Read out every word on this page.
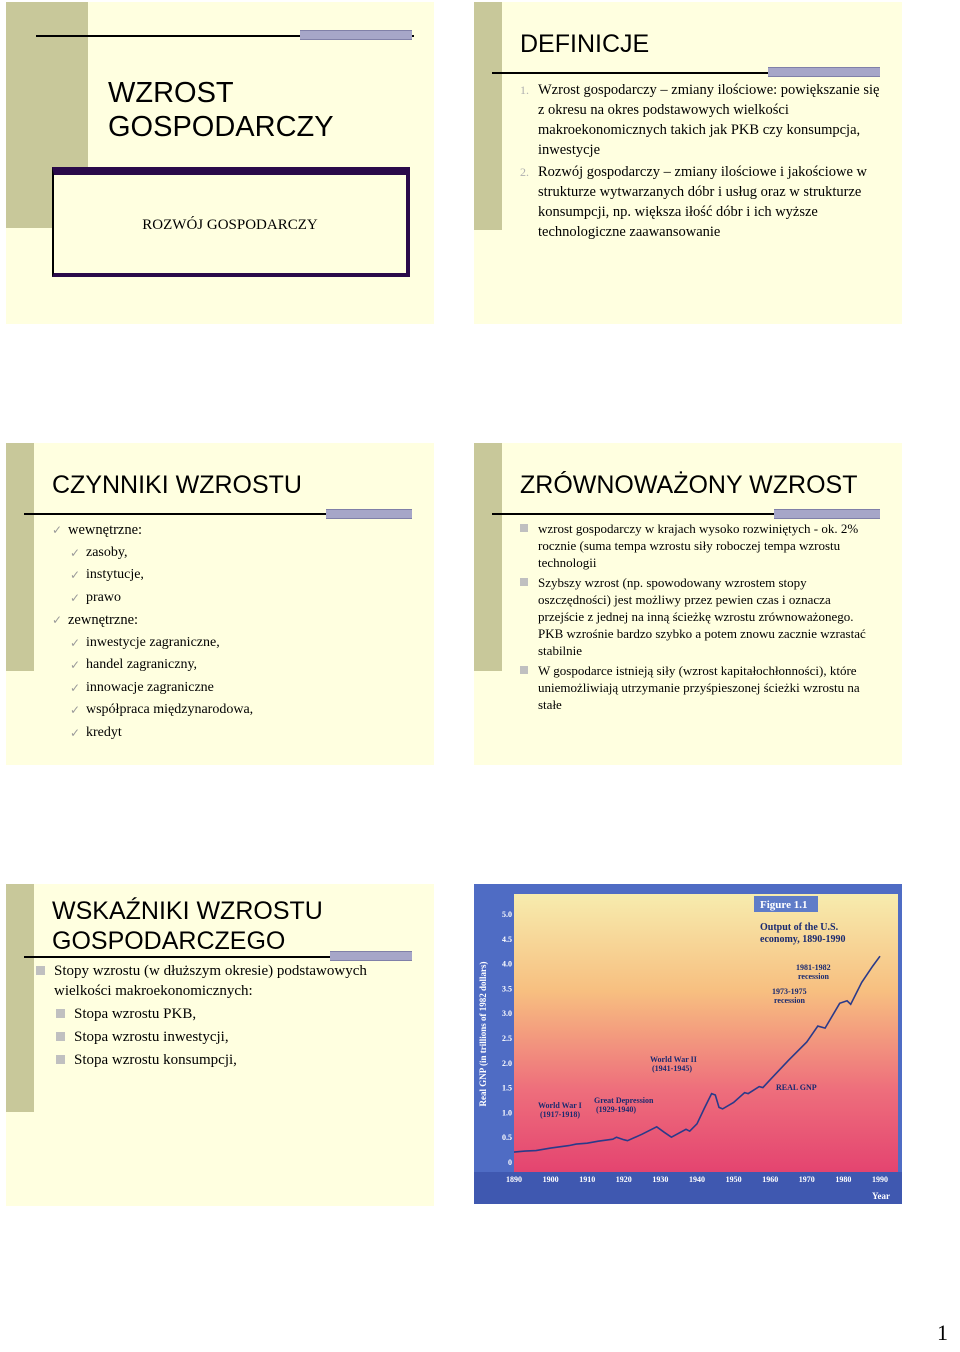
WZROST
GOSPODARCZY
ROZWÓJ GOSPODARCZY
DEFINICJE
1. Wzrost gospodarczy – zmiany ilościowe: powiększanie się z okresu na okres podstawowych wielkości makroekonomicznych takich jak PKB czy konsumpcja, inwestycje
2. Rozwój gospodarczy – zmiany ilościowe i jakościowe w strukturze wytwarzanych dóbr i usług oraz w strukturze konsumpcji, np. większa iłość dóbr i ich wyższe technologiczne zaawansowanie
CZYNNIKI WZROSTU
✓ wewnętrzne:
✓ zasoby,
✓ instytucje,
✓ prawo
✓ zewnętrzne:
✓ inwestycje zagraniczne,
✓ handel zagraniczny,
✓ innowacje zagraniczne
✓ współpraca międzynarodowa,
✓ kredyt
ZRÓWNOWAŻONY WZROST
wzrost gospodarczy w krajach wysoko rozwiniętych - ok. 2% rocznie (suma tempa wzrostu siły roboczej tempa wzrostu technologii
Szybszy wzrost (np. spowodowany wzrostem stopy oszczędności) jest możliwy przez pewien czas i oznacza przejście z jednej na inną ścieżkę wzrostu zrównoważonego. PKB wzrośnie bardzo szybko a potem znowu zacznie wzrastać stabilnie
W gospodarce istnieją siły (wzrost kapitałochłonności), które uniemożliwiają utrzymanie przyśpieszonej ścieżki wzrostu na stałe
WSKAŹNIKI WZROSTU
GOSPODARCZEGO
Stopy wzrostu (w dłuższym okresie) podstawowych wielkości makroekonomicznych:
Stopa wzrostu PKB,
Stopa wzrostu inwestycji,
Stopa wzrostu konsumpcji,
0
0.5
1.0
1.5
2.0
2.5
3.0
3.5
4.0
4.5
5.0
1890	1900	1910	1920	1930	1940	1950	1960	1970	1980	1990
Real GNP (in trillions of 1982 dollars)
Year
Figure 1.1
Output of the U.S.
economy, 1890-1990
World War I
(1917-1918)
Great Depression
(1929-1940)
World War II
(1941-1945)
1973-1975
recession
1981-1982
recession
REAL GNP
1
